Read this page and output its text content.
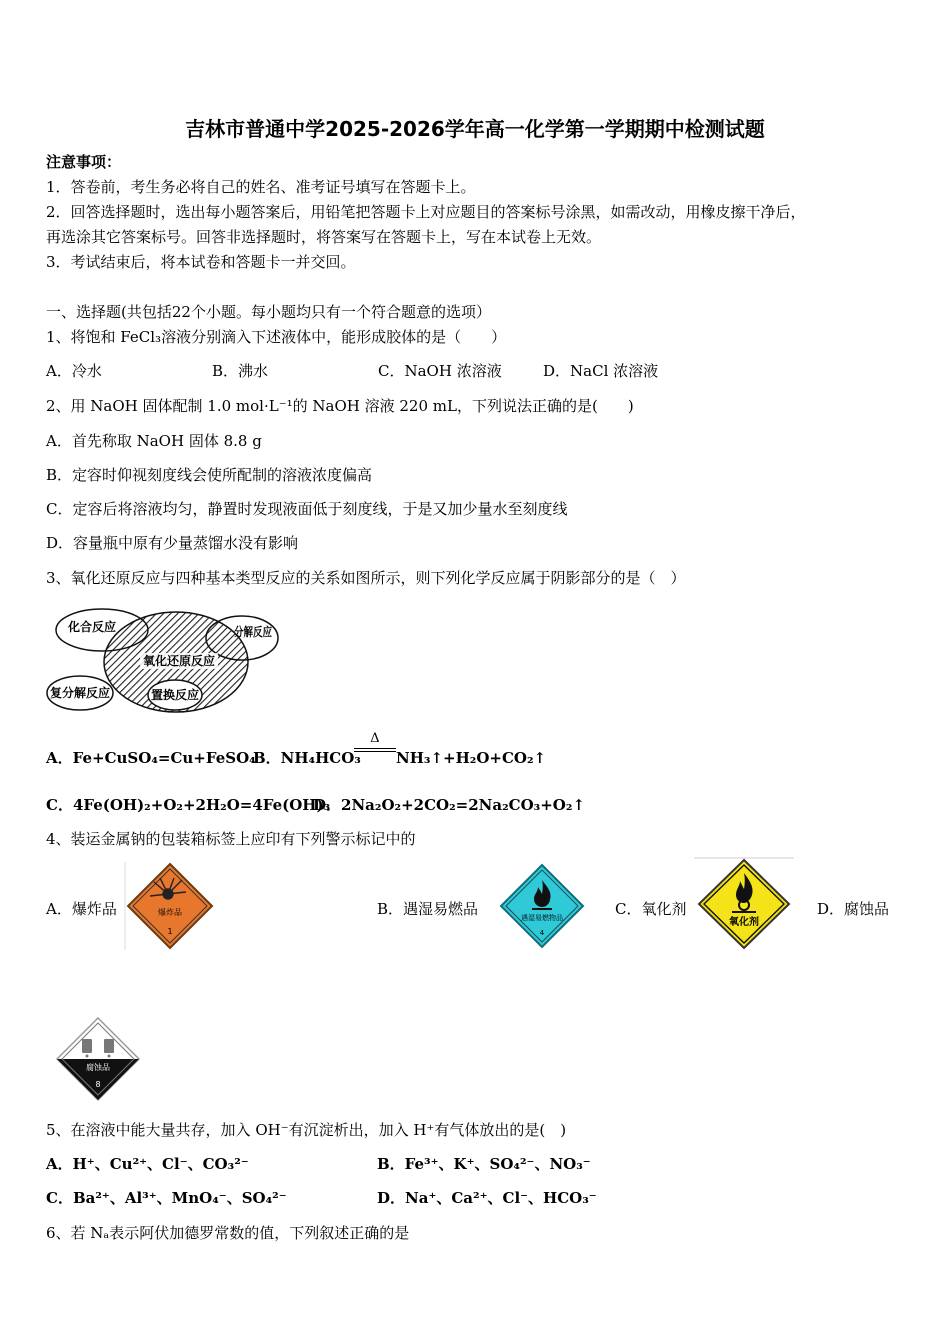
吉林市普通中学2025-2026学年高一化学第一学期期中检测试题
注意事项：
1．答卷前，考生务必将自己的姓名、准考证号填写在答题卡上。
2．回答选择题时，选出每小题答案后，用铅笔把答题卡上对应题目的答案标号涂黑，如需改动，用橡皮擦干净后，
再选涂其它答案标号。回答非选择题时，将答案写在答题卡上，写在本试卷上无效。
3．考试结束后，将本试卷和答题卡一并交回。
一、选择题(共包括22个小题。每小题均只有一个符合题意的选项）
1、将饱和 FeCl₃溶液分别滴入下述液体中，能形成胶体的是（　　）
A．冷水	B．沸水	C．NaOH 浓溶液	D．NaCl 浓溶液
2、用 NaOH 固体配制 1.0 mol·L⁻¹的 NaOH 溶液 220 mL，下列说法正确的是(　　)
A．首先称取 NaOH 固体 8.8 g
B．定容时仰视刻度线会使所配制的溶液浓度偏高
C．定容后将溶液均匀，静置时发现液面低于刻度线，于是又加少量水至刻度线
D．容量瓶中原有少量蒸馏水没有影响
3、氧化还原反应与四种基本类型反应的关系如图所示，则下列化学反应属于阴影部分的是（　）
化合反应	分解反应
氧化还原反应
复分解反应	置换反应
A．Fe+CuSO₄=Cu+FeSO₄
B．NH₄HCO₃
Δ
NH₃↑+H₂O+CO₂↑
C．4Fe(OH)₂+O₂+2H₂O=4Fe(OH)₃
D．2Na₂O₂+2CO₂=2Na₂CO₃+O₂↑
4、装运金属钠的包装箱标签上应印有下列警示标记中的
A．爆炸品	爆炸品
1
B．遇湿易燃品	遇湿易燃物品
4
C．氧化剂
氧化剂
D．腐蚀品
腐蚀品
8
5、在溶液中能大量共存，加入 OH⁻有沉淀析出，加入 H⁺有气体放出的是(　)
A．H⁺、Cu²⁺、Cl⁻、CO₃²⁻	B．Fe³⁺、K⁺、SO₄²⁻、NO₃⁻
C．Ba²⁺、Al³⁺、MnO₄⁻、SO₄²⁻	D．Na⁺、Ca²⁺、Cl⁻、HCO₃⁻
6、若 Nₐ表示阿伏加德罗常数的值，下列叙述正确的是
